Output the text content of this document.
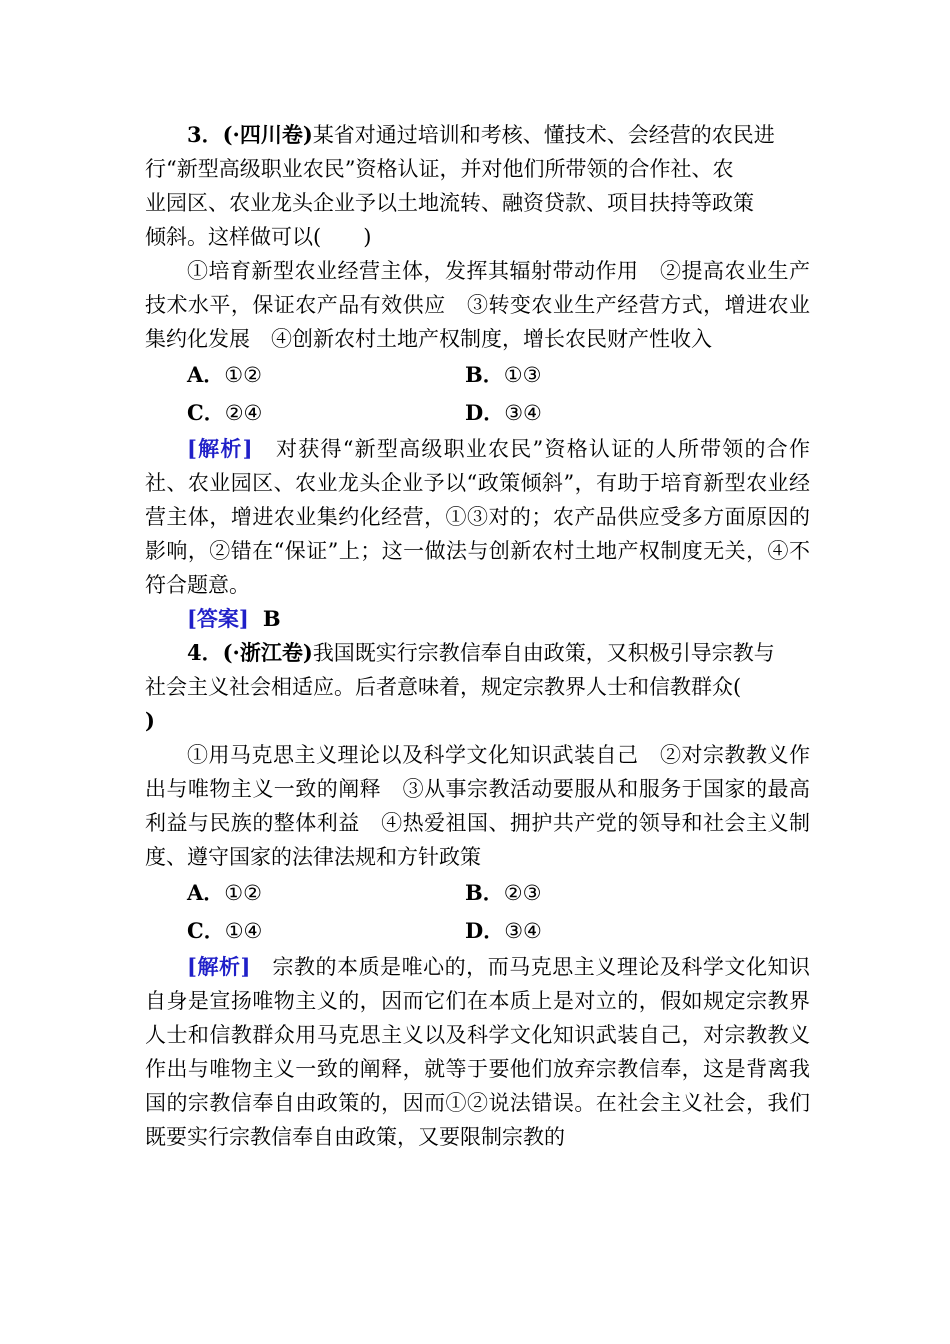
3．(·四川卷)某省对通过培训和考核、懂技术、会经营的农民进
行“新型高级职业农民”资格认证，并对他们所带领的合作社、农
业园区、农业龙头企业予以土地流转、融资贷款、项目扶持等政策
倾斜。这样做可以(　　)
①培育新型农业经营主体，发挥其辐射带动作用　②提高农业生产技术水平，保证农产品有效供应　③转变农业生产经营方式，增进农业集约化发展　④创新农村土地产权制度，增长农民财产性收入
A．①②	B．①③
C．②④	D．③④
[解析]　对获得“新型高级职业农民”资格认证的人所带领的合作社、农业园区、农业龙头企业予以“政策倾斜”，有助于培育新型农业经营主体，增进农业集约化经营，①③对的；农产品供应受多方面原因的影响，②错在“保证”上；这一做法与创新农村土地产权制度无关，④不符合题意。
[答案] B
4．(·浙江卷)我国既实行宗教信奉自由政策，又积极引导宗教与
社会主义社会相适应。后者意味着，规定宗教界人士和信教群众(
)
①用马克思主义理论以及科学文化知识武装自己　②对宗教教义作出与唯物主义一致的阐释　③从事宗教活动要服从和服务于国家的最高利益与民族的整体利益　④热爱祖国、拥护共产党的领导和社会主义制度、遵守国家的法律法规和方针政策
A．①②	B．②③
C．①④	D．③④
[解析]　宗教的本质是唯心的，而马克思主义理论及科学文化知识自身是宣扬唯物主义的，因而它们在本质上是对立的，假如规定宗教界人士和信教群众用马克思主义以及科学文化知识武装自己，对宗教教义作出与唯物主义一致的阐释，就等于要他们放弃宗教信奉，这是背离我国的宗教信奉自由政策的，因而①②说法错误。在社会主义社会，我们既要实行宗教信奉自由政策，又要限制宗教的
